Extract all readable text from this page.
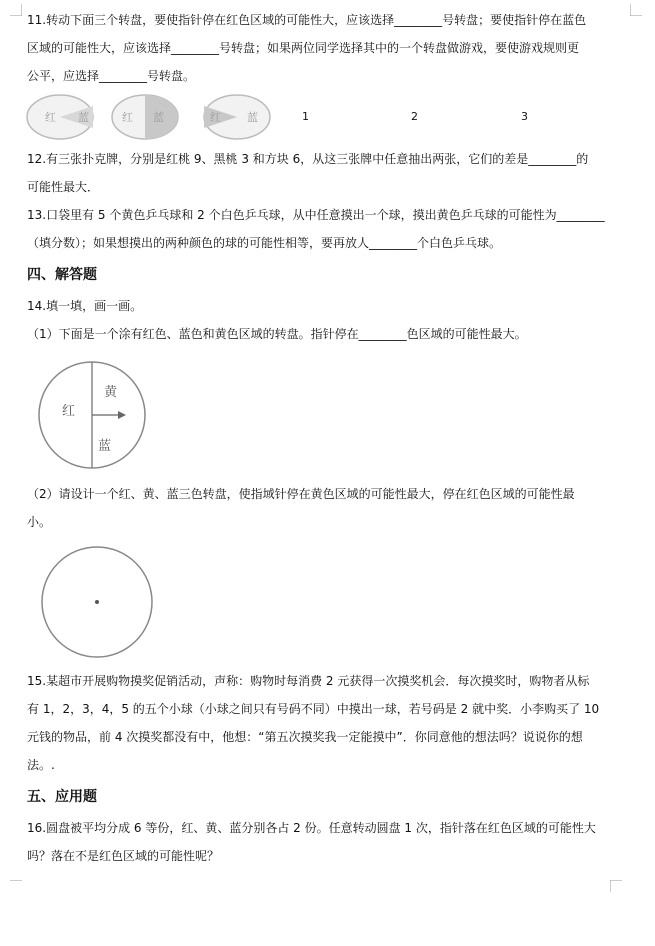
11.转动下面三个转盘，要使指针停在红色区域的可能性大，应该选择________号转盘；要使指针停在蓝色
区域的可能性大，应该选择________号转盘；如果两位同学选择其中的一个转盘做游戏，要使游戏规则更
公平，应选择________号转盘。
红 蓝	红 蓝	红 蓝	1	2	3
12.有三张扑克牌，分别是红桃 9、黑桃 3 和方块 6，从这三张牌中任意抽出两张，它们的差是________的
可能性最大．
13.口袋里有 5 个黄色乒乓球和 2 个白色乒乓球，从中任意摸出一个球，摸出黄色乒乓球的可能性为________
（填分数）；如果想摸出的两种颜色的球的可能性相等，要再放人________个白色乒乓球。
四、解答题
14.填一填，画一画。
（1）下面是一个涂有红色、蓝色和黄色区域的转盘。指针停在________色区域的可能性最大。
红
黄
蓝
（2）请设计一个红、黄、蓝三色转盘，使指域针停在黄色区域的可能性最大，停在红色区域的可能性最
小。
15.某超市开展购物摸奖促销活动，声称：购物时每消费 2 元获得一次摸奖机会．每次摸奖时，购物者从标
有 1，2，3，4，5 的五个小球（小球之间只有号码不同）中摸出一球，若号码是 2 就中奖．小李购买了 10
元钱的物品，前 4 次摸奖都没有中，他想：“第五次摸奖我一定能摸中”．你同意他的想法吗？说说你的想
法。.
五、应用题
16.圆盘被平均分成 6 等份，红、黄、蓝分别各占 2 份。任意转动圆盘 1 次，指针落在红色区域的可能性大
吗？落在不是红色区域的可能性呢？
